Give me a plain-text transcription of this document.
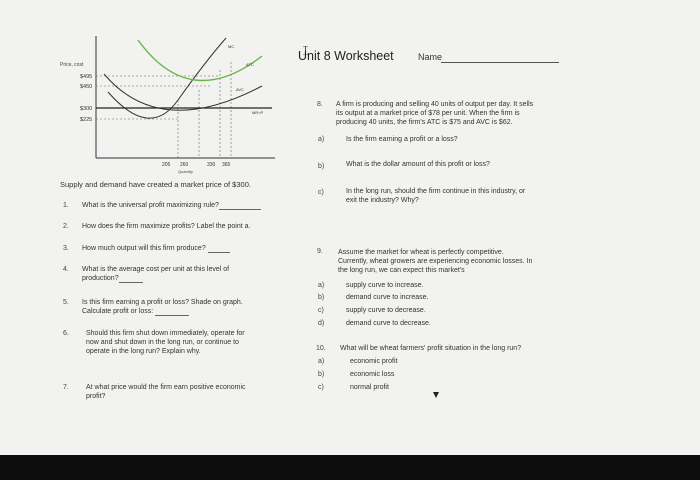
Price, cost
$495
$450
$300
$225
MR=P
MC
ATC
AVC
205 260	330 365
Quantity
Unit 8 Worksheet	Name
Supply and demand have created a market price of $300.
1. What is the universal profit maximizing rule?
2. How does the firm maximize profits? Label the point a.
3. How much output will this firm produce?
4. What is the average cost per unit at this level of
production?
5. Is this firm earning a profit or loss? Shade on graph.
Calculate profit or loss:
6. Should this firm shut down immediately, operate for
now and shut down in the long run, or continue to
operate in the long run? Explain why.
7. At what price would the firm earn positive economic
profit?
8. A firm is producing and selling 40 units of output per day. It sells
its output at a market price of $78 per unit. When the firm is
producing 40 units, the firm's ATC is $75 and AVC is $62.
a)	Is the firm earning a profit or a loss?
b)	What is the dollar amount of this profit or loss?
c)	In the long run, should the firm continue in this industry, or
exit the industry? Why?
9. Assume the market for wheat is perfectly competitive.
Currently, wheat growers are experiencing economic losses. In
the long run, we can expect this market's
a)	supply curve to increase.
b)	demand curve to increase.
c)	supply curve to decrease.
d)	demand curve to decrease.
10. What will be wheat farmers' profit situation in the long run?
a)	economic profit
b)	economic loss
c)	normal profit
